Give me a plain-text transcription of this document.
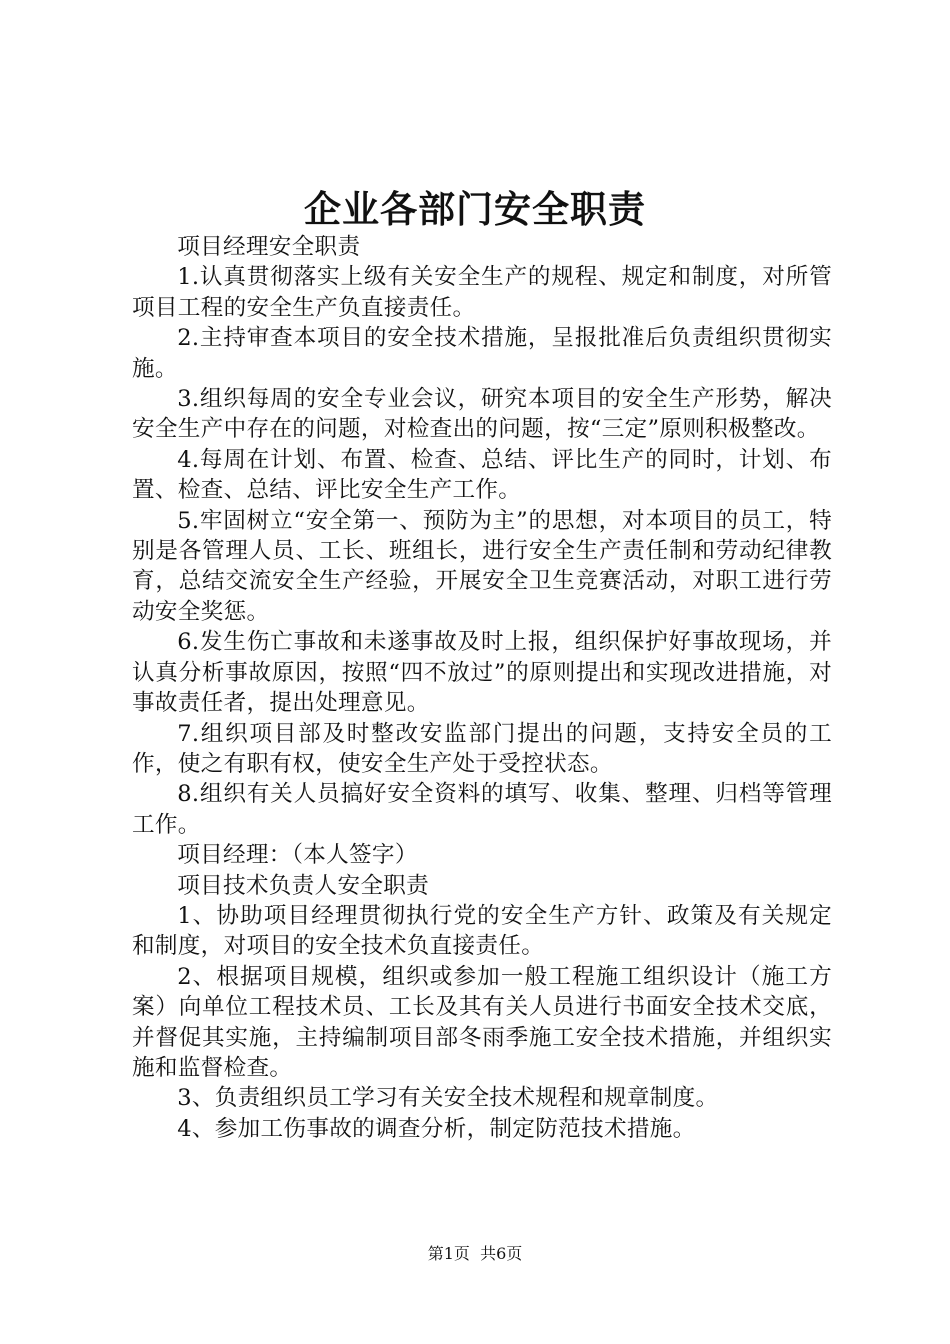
企业各部门安全职责

项目经理安全职责

1.认真贯彻落实上级有关安全生产的规程、规定和制度，对所管项目工程的安全生产负直接责任。

2.主持审查本项目的安全技术措施，呈报批准后负责组织贯彻实施。

3.组织每周的安全专业会议，研究本项目的安全生产形势，解决安全生产中存在的问题，对检查出的问题，按“三定”原则积极整改。

4.每周在计划、布置、检查、总结、评比生产的同时，计划、布置、检查、总结、评比安全生产工作。

5.牢固树立“安全第一、预防为主”的思想，对本项目的员工，特别是各管理人员、工长、班组长，进行安全生产责任制和劳动纪律教育，总结交流安全生产经验，开展安全卫生竞赛活动，对职工进行劳动安全奖惩。

6.发生伤亡事故和未遂事故及时上报，组织保护好事故现场，并认真分析事故原因，按照“四不放过”的原则提出和实现改进措施，对事故责任者，提出处理意见。

7.组织项目部及时整改安监部门提出的问题，支持安全员的工作，使之有职有权，使安全生产处于受控状态。

8.组织有关人员搞好安全资料的填写、收集、整理、归档等管理工作。

项目经理：（本人签字）

项目技术负责人安全职责

1、协助项目经理贯彻执行党的安全生产方针、政策及有关规定和制度，对项目的安全技术负直接责任。

2、根据项目规模，组织或参加一般工程施工组织设计（施工方案）向单位工程技术员、工长及其有关人员进行书面安全技术交底，并督促其实施，主持编制项目部冬雨季施工安全技术措施，并组织实施和监督检查。

3、负责组织员工学习有关安全技术规程和规章制度。

4、参加工伤事故的调查分析，制定防范技术措施。

第1页  共6页
